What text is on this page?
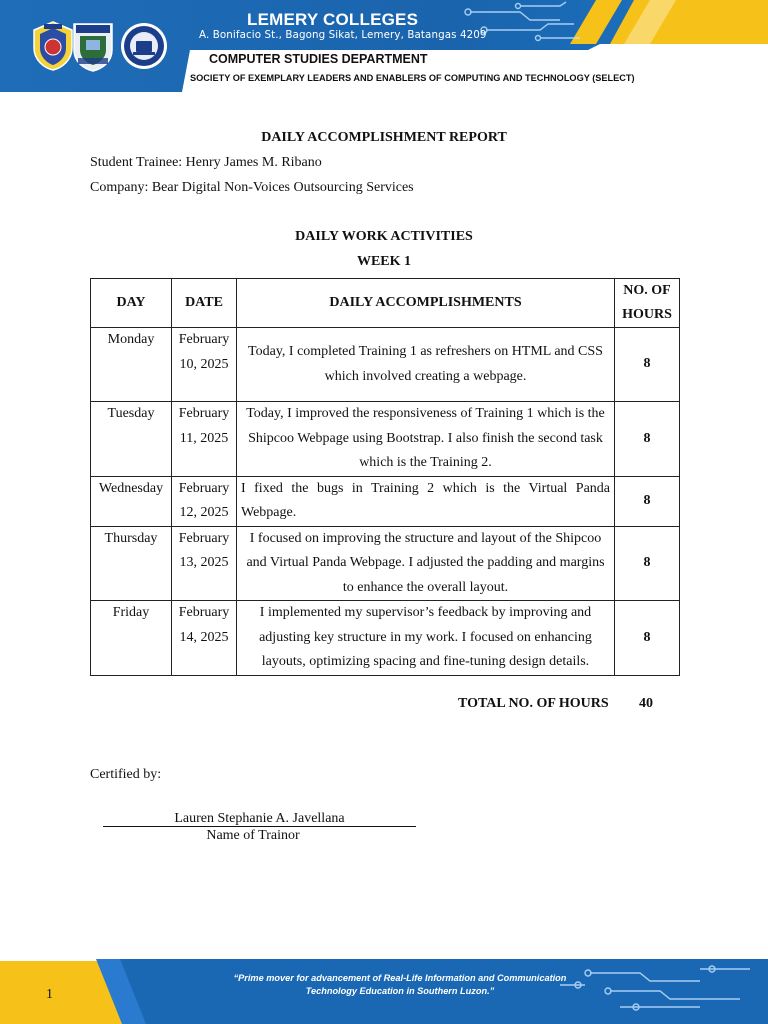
LEMERY COLLEGES
A. Bonifacio St., Bagong Sikat, Lemery, Batangas 4209
COMPUTER STUDIES DEPARTMENT
SOCIETY OF EXEMPLARY LEADERS AND ENABLERS OF COMPUTING AND TECHNOLOGY (SELECT)
DAILY ACCOMPLISHMENT REPORT
Student Trainee: Henry James M. Ribano
Company: Bear Digital Non-Voices Outsourcing Services
DAILY WORK ACTIVITIES
WEEK 1
DAY	DATE	DAILY ACCOMPLISHMENTS	NO. OF HOURS
Monday	February 10, 2025	Today, I completed Training 1 as refreshers on HTML and CSS which involved creating a webpage.	8
Tuesday	February 11, 2025	Today, I improved the responsiveness of Training 1 which is the Shipcoo Webpage using Bootstrap. I also finish the second task which is the Training 2.	8
Wednesday	February 12, 2025	I fixed the bugs in Training 2 which is the Virtual Panda Webpage.	8
Thursday	February 13, 2025	I focused on improving the structure and layout of the Shipcoo and Virtual Panda Webpage. I adjusted the padding and margins to enhance the overall layout.	8
Friday	February 14, 2025	I implemented my supervisor’s feedback by improving and adjusting key structure in my work. I focused on enhancing layouts, optimizing spacing and fine-tuning design details.	8
TOTAL NO. OF HOURS 40
Certified by:
Lauren Stephanie A. Javellana
Name of Trainor
1
“Prime mover for advancement of Real-Life Information and Communication
Technology Education in Southern Luzon.”
